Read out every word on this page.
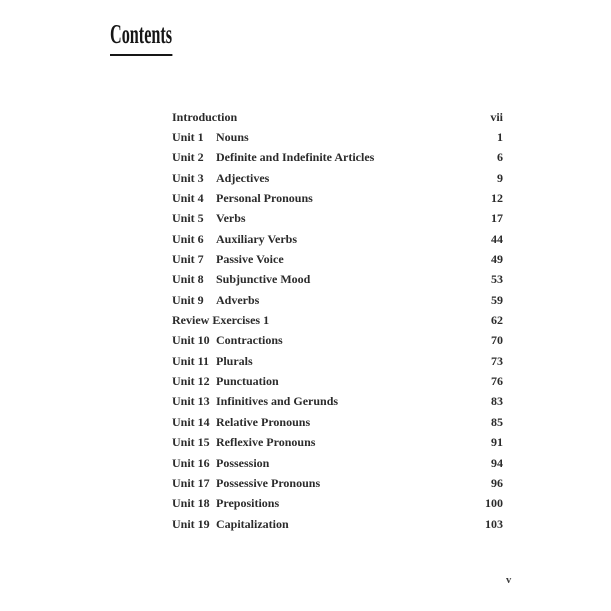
Contents
Introduction	vii
Unit 1	Nouns	1
Unit 2	Definite and Indefinite Articles	6
Unit 3	Adjectives	9
Unit 4	Personal Pronouns	12
Unit 5	Verbs	17
Unit 6	Auxiliary Verbs	44
Unit 7	Passive Voice	49
Unit 8	Subjunctive Mood	53
Unit 9	Adverbs	59
Review Exercises 1	62
Unit 10 Contractions	70
Unit 11 Plurals	73
Unit 12 Punctuation	76
Unit 13 Infinitives and Gerunds	83
Unit 14 Relative Pronouns	85
Unit 15 Reflexive Pronouns	91
Unit 16 Possession	94
Unit 17 Possessive Pronouns	96
Unit 18 Prepositions	100
Unit 19 Capitalization	103
v
